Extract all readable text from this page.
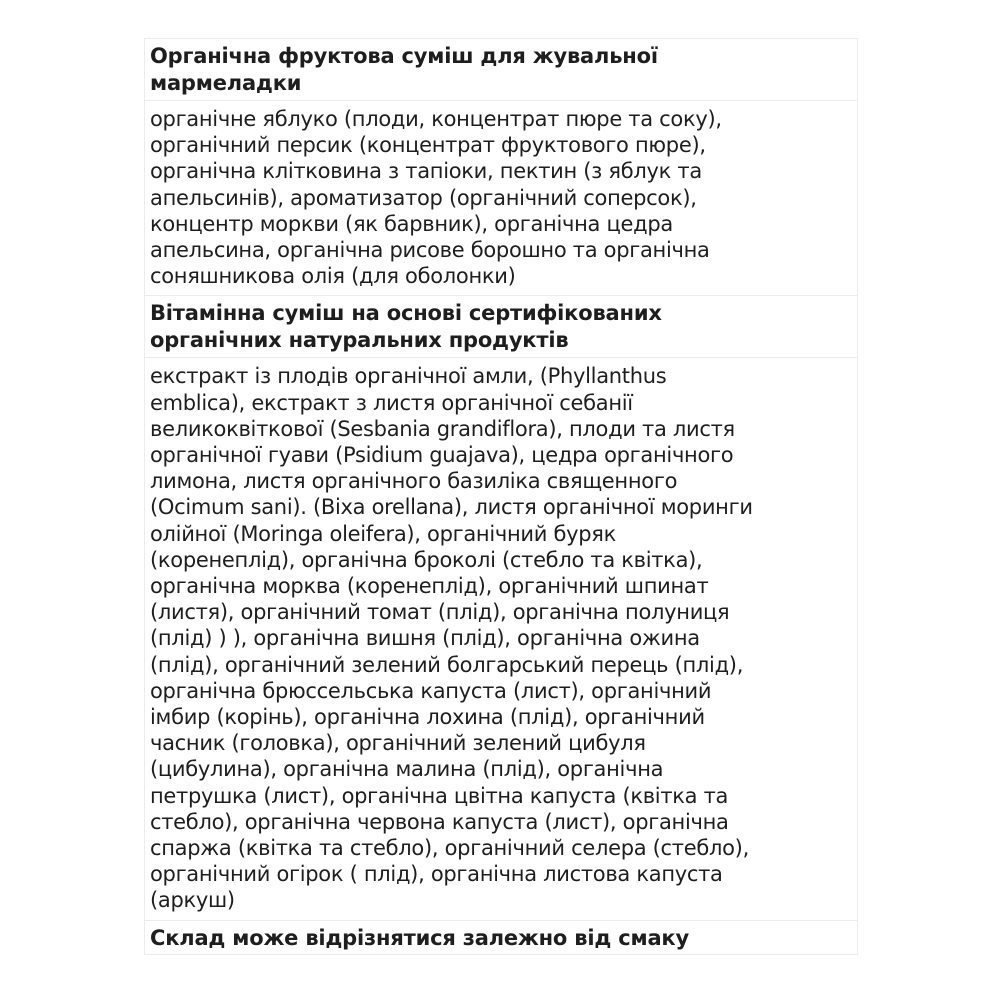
Органічна фруктова суміш для жувальної
мармеладки
органічне яблуко (плоди, концентрат пюре та соку),
органічний персик (концентрат фруктового пюре),
органічна клітковина з тапіоки, пектин (з яблук та
апельсинів), ароматизатор (органічний соперсок),
концентр моркви (як барвник), органічна цедра
апельсина, органічна рисове борошно та органічна
соняшникова олія (для оболонки)
Вітамінна суміш на основі сертифікованих
органічних натуральних продуктів
екстракт із плодів органічної амли, (Phyllanthus
emblica), екстракт з листя органічної себанії
великоквіткової (Sesbania grandiflora), плоди та листя
органічної гуави (Psidium guajava), цедра органічного
лимона, листя органічного базиліка священного
(Ocimum sani). (Bixa orellana), листя органічної моринги
олійної (Moringa oleifera), органічний буряк
(коренеплід), органічна броколі (стебло та квітка),
органічна морква (коренеплід), органічний шпинат
(листя), органічний томат (плід), органічна полуниця
(плід) ) ), органічна вишня (плід), органічна ожина
(плід), органічний зелений болгарський перець (плід),
органічна брюссельська капуста (лист), органічний
імбир (корінь), органічна лохина (плід), органічний
часник (головка), органічний зелений цибуля
(цибулина), органічна малина (плід), органічна
петрушка (лист), органічна цвітна капуста (квітка та
стебло), органічна червона капуста (лист), органічна
спаржа (квітка та стебло), органічний селера (стебло),
органічний огірок ( плід), органічна листова капуста
(аркуш)
Склад може відрізнятися залежно від смаку
